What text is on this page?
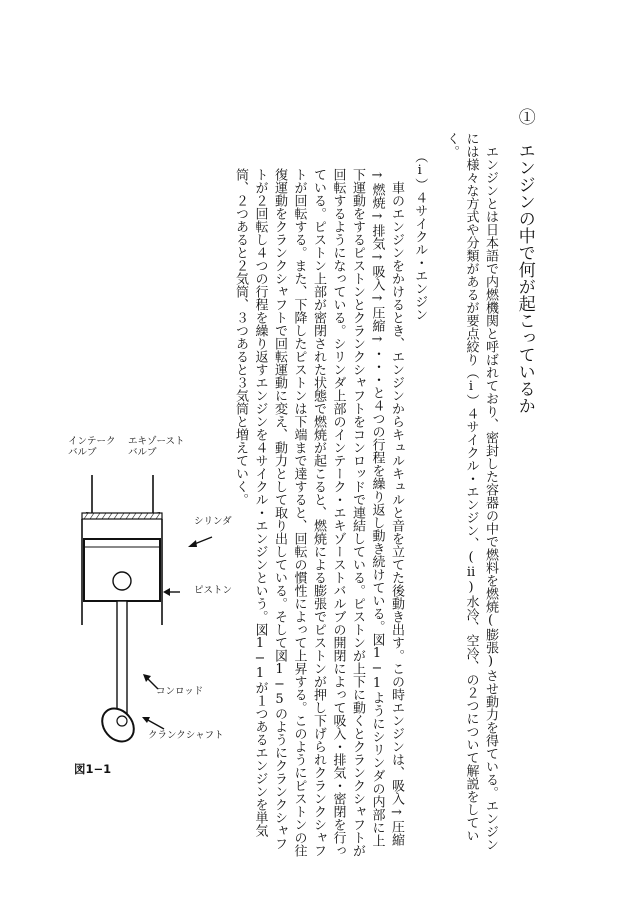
①　エンジンの中で何が起こっているか
　エンジンとは日本語で内燃機関と呼ばれており、密封した容器の中で燃料を燃焼(膨張)させ動力を得ている。エンジンには様々な方式や分類があるが要点絞り（ⅰ）４サイクル・エンジン、(ⅱ)水冷、空冷、の２つについて解説をしていく。
（ⅰ）４サイクル・エンジン
　車のエンジンをかけるとき、エンジンからキュルキュルと音を立てた後動き出す。この時エンジンは、吸入→圧縮→燃焼→排気→吸入→圧縮→・・・と４つの行程を繰り返し動き続けている。図1−1ようにシリンダの内部に上下運動をするピストンとクランクシャフトをコンロッドで連結している。ピストンが上下に動くとクランクシャフトが回転するようになっている。シリンダ上部のインテーク・エキゾーストバルブの開閉によって吸入・排気・密閉を行っている。ピストン上部が密閉された状態で燃焼が起こると、燃焼による膨張でピストンが押し下げられクランクシャフトが回転する。また、下降したピストンは下端まで達すると、回転の慣性によって上昇する。このようにピストンの往復運動をクランクシャフトで回転運動に変え、動力として取り出している。そして図1−5のようにクランクシャフトが２回転し４つの行程を繰り返すエンジンを４サイクル・エンジンという。図1−1が１つあるエンジンを単気筒、２つあると２気筒、３つあると３気筒と増えていく。
インテーク
バルブ
エキゾースト
バルブ
シリンダ
ピストン
コンロッド
クランクシャフト
図1−1
